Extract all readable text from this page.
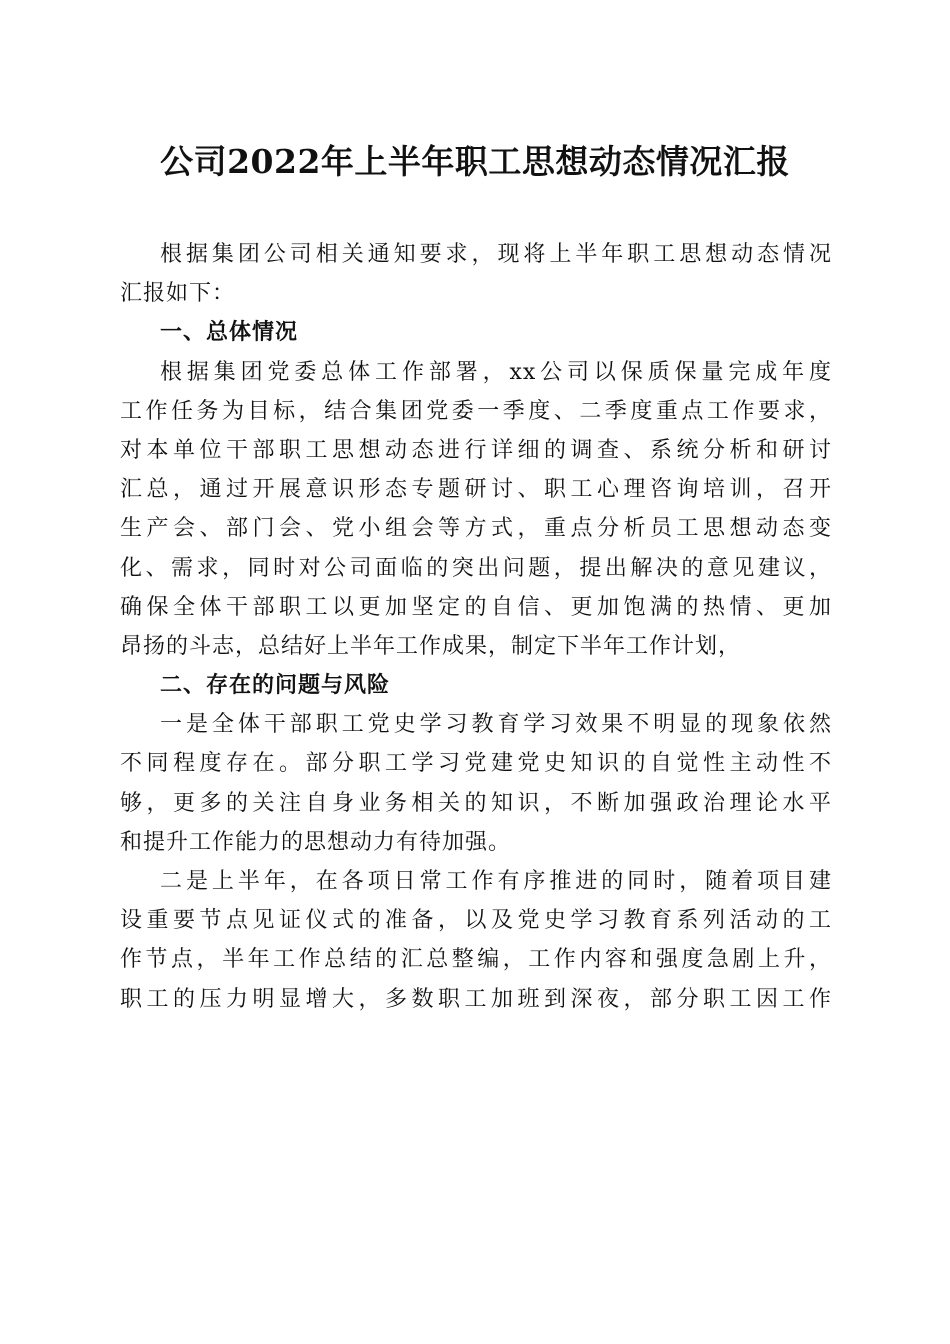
公司2022年上半年职工思想动态情况汇报
根据集团公司相关通知要求，现将上半年职工思想动态情况
汇报如下：
一、总体情况
根据集团党委总体工作部署，xx公司以保质保量完成年度
工作任务为目标，结合集团党委一季度、二季度重点工作要求，
对本单位干部职工思想动态进行详细的调查、系统分析和研讨
汇总，通过开展意识形态专题研讨、职工心理咨询培训，召开
生产会、部门会、党小组会等方式，重点分析员工思想动态变
化、需求，同时对公司面临的突出问题，提出解决的意见建议，
确保全体干部职工以更加坚定的自信、更加饱满的热情、更加
昂扬的斗志，总结好上半年工作成果，制定下半年工作计划，
二、存在的问题与风险
一是全体干部职工党史学习教育学习效果不明显的现象依然
不同程度存在。部分职工学习党建党史知识的自觉性主动性不
够，更多的关注自身业务相关的知识，不断加强政治理论水平
和提升工作能力的思想动力有待加强。
二是上半年，在各项日常工作有序推进的同时，随着项目建
设重要节点见证仪式的准备，以及党史学习教育系列活动的工
作节点，半年工作总结的汇总整编，工作内容和强度急剧上升，
职工的压力明显增大，多数职工加班到深夜，部分职工因工作
